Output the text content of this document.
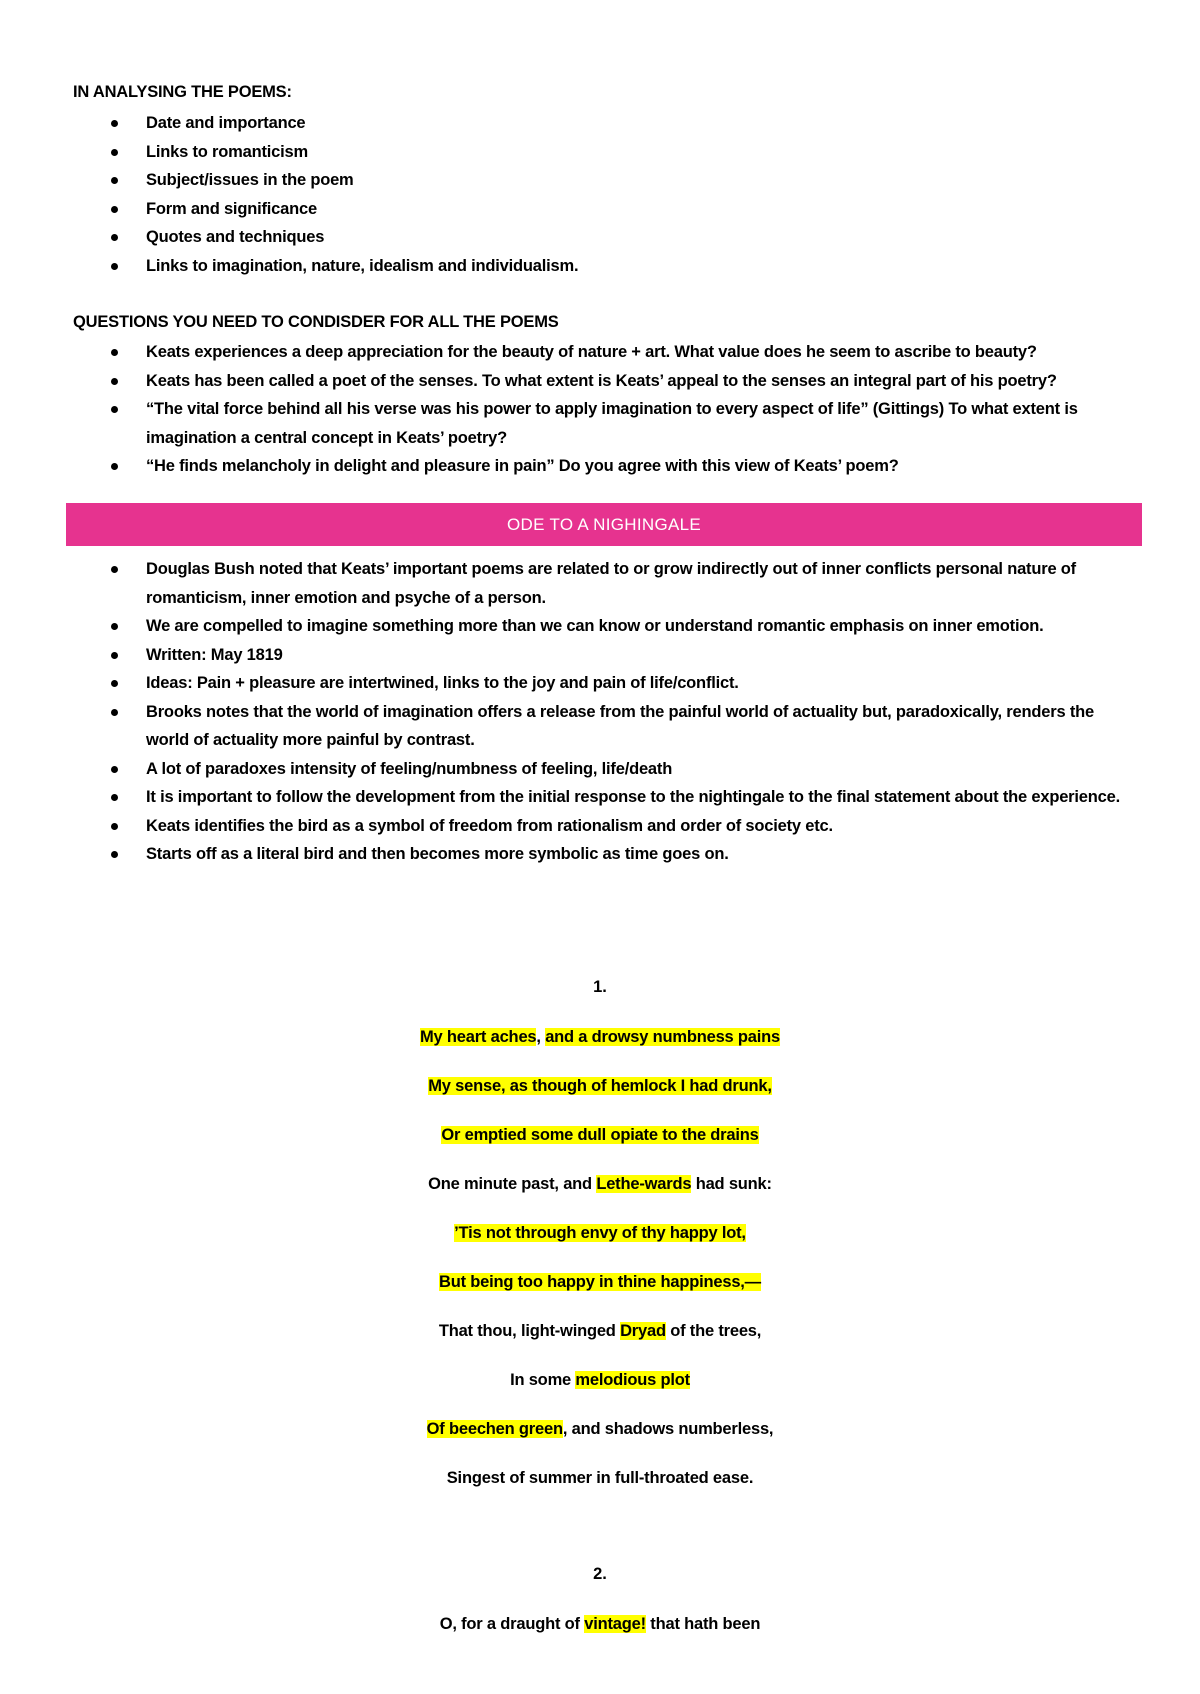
IN ANALYSING THE POEMS:
Date and importance
Links to romanticism
Subject/issues in the poem
Form and significance
Quotes and techniques
Links to imagination, nature, idealism and individualism.
QUESTIONS YOU NEED TO CONDISDER FOR ALL THE POEMS
Keats experiences a deep appreciation for the beauty of nature + art. What value does he seem to ascribe to beauty?
Keats has been called a poet of the senses. To what extent is Keats’ appeal to the senses an integral part of his poetry?
“The vital force behind all his verse was his power to apply imagination to every aspect of life” (Gittings) To what extent is imagination a central concept in Keats’ poetry?
“He finds melancholy in delight and pleasure in pain” Do you agree with this view of Keats’ poem?
ODE TO A NIGHINGALE
Douglas Bush noted that Keats’ important poems are related to or grow indirectly out of inner conflicts personal nature of romanticism, inner emotion and psyche of a person.
We are compelled to imagine something more than we can know or understand romantic emphasis on inner emotion.
Written: May 1819
Ideas: Pain + pleasure are intertwined, links to the joy and pain of life/conflict.
Brooks notes that the world of imagination offers a release from the painful world of actuality but, paradoxically, renders the world of actuality more painful by contrast.
A lot of paradoxes intensity of feeling/numbness of feeling, life/death
It is important to follow the development from the initial response to the nightingale to the final statement about the experience.
Keats identifies the bird as a symbol of freedom from rationalism and order of society etc.
Starts off as a literal bird and then becomes more symbolic as time goes on.
1.
My heart aches, and a drowsy numbness pains
My sense, as though of hemlock I had drunk,
Or emptied some dull opiate to the drains
One minute past, and Lethe-wards had sunk:
’Tis not through envy of thy happy lot,
But being too happy in thine happiness,—
That thou, light-winged Dryad of the trees,
In some melodious plot
Of beechen green, and shadows numberless,
Singest of summer in full-throated ease.
2.
O, for a draught of vintage! that hath been
